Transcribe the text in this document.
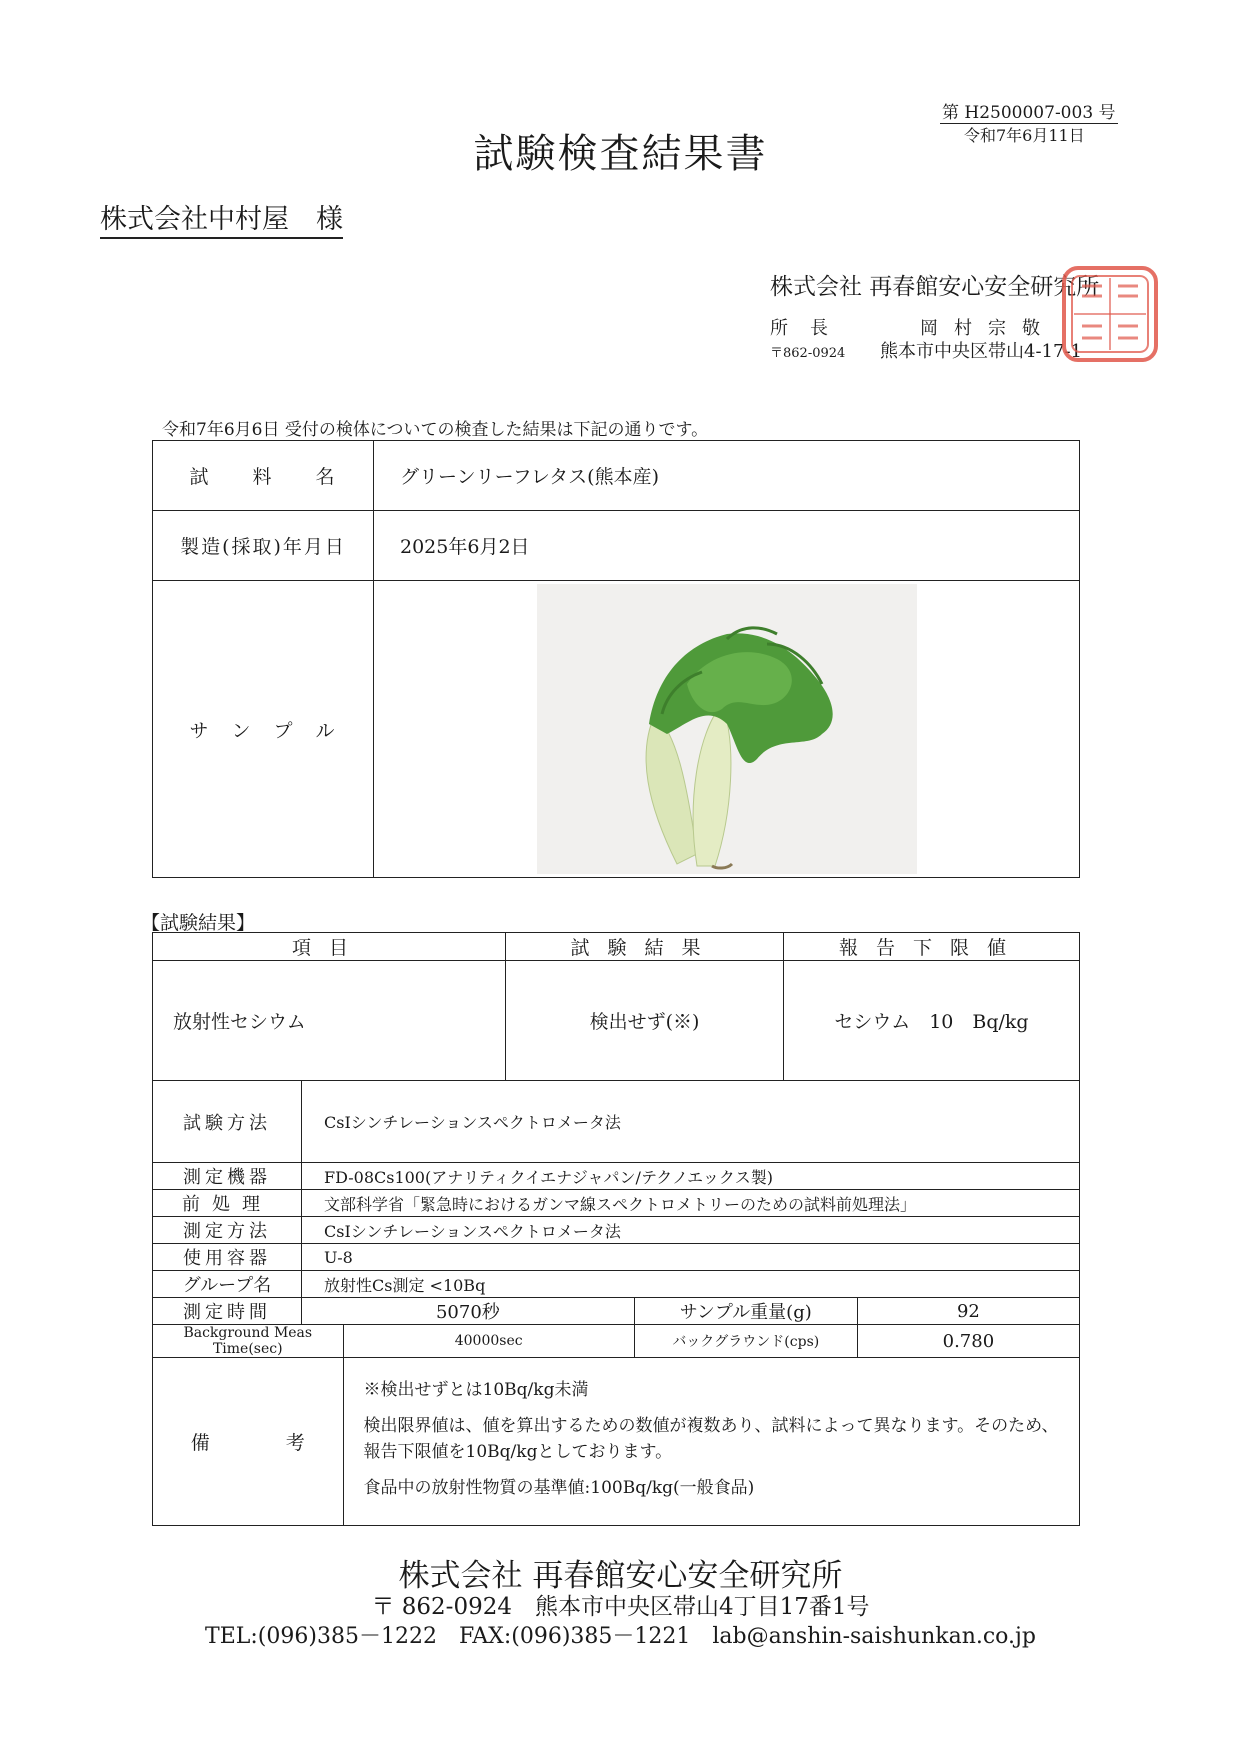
第 H2500007-003 号
令和7年6月11日
試験検査結果書
株式会社中村屋　様
株式会社 再春館安心安全研究所
所長	岡村宗敬
〒862-0924 熊本市中央区帯山4-17-1
令和7年6月6日 受付の検体についての検査した結果は下記の通りです。
試　　料　　名	グリーンリーフレタス(熊本産)
製造(採取)年月日	2025年6月2日
サ　ン　プ　ル	
【試験結果】
項目	試験結果	報告下限値
放射性セシウム	検出せず(※)	セシウム　10　Bq/kg
試験方法	CsIシンチレーションスペクトロメータ法			
測定機器	FD-08Cs100(アナリティクイエナジャパン/テクノエックス製)			
前処理	文部科学省「緊急時におけるガンマ線スペクトロメトリーのための試料前処理法」			
測定方法	CsIシンチレーションスペクトロメータ法			
使用容器	U-8			
グループ名	放射性Cs測定 <10Bq			
測定時間	5070秒		サンプル重量(g)	92
Background Meas Time(sec)		40000sec	バックグラウンド(cps)	0.780
備　　　　考		※検出せずとは10Bq/kg未満
検出限界値は、値を算出するための数値が複数あり、試料によって異なります。そのため、報告下限値を10Bq/kgとしております。
食品中の放射性物質の基準値:100Bq/kg(一般食品)		
株式会社 再春館安心安全研究所
〒 862-0924　熊本市中央区帯山4丁目17番1号
TEL:(096)385－1222　FAX:(096)385－1221　lab@anshin-saishunkan.co.jp
